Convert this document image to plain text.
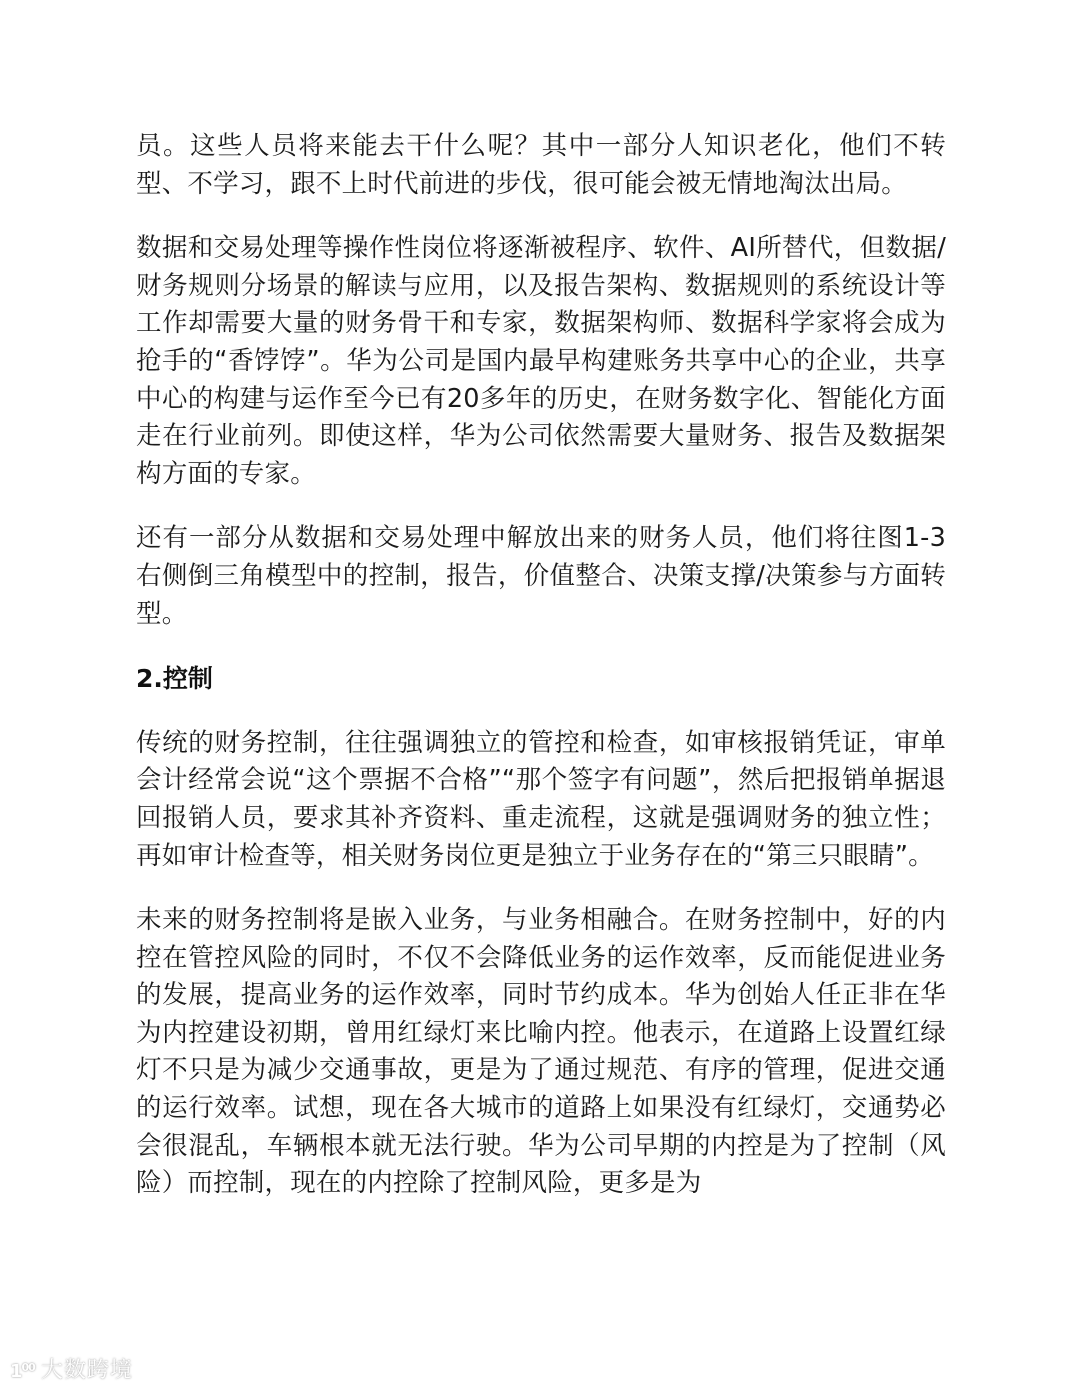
员。这些人员将来能去干什么呢？其中一部分人知识老化，他们不转型、不学习，跟不上时代前进的步伐，很可能会被无情地淘汰出局。

数据和交易处理等操作性岗位将逐渐被程序、软件、AI所替代，但数据/财务规则分场景的解读与应用，以及报告架构、数据规则的系统设计等工作却需要大量的财务骨干和专家，数据架构师、数据科学家将会成为抢手的“香饽饽”。华为公司是国内最早构建账务共享中心的企业，共享中心的构建与运作至今已有20多年的历史，在财务数字化、智能化方面走在行业前列。即使这样，华为公司依然需要大量财务、报告及数据架构方面的专家。

还有一部分从数据和交易处理中解放出来的财务人员，他们将往图1-3右侧倒三角模型中的控制，报告，价值整合、决策支撑/决策参与方面转型。

2.控制

传统的财务控制，往往强调独立的管控和检查，如审核报销凭证，审单会计经常会说“这个票据不合格”“那个签字有问题”，然后把报销单据退回报销人员，要求其补齐资料、重走流程，这就是强调财务的独立性；再如审计检查等，相关财务岗位更是独立于业务存在的“第三只眼睛”。

未来的财务控制将是嵌入业务，与业务相融合。在财务控制中，好的内控在管控风险的同时，不仅不会降低业务的运作效率，反而能促进业务的发展，提高业务的运作效率，同时节约成本。华为创始人任正非在华为内控建设初期，曾用红绿灯来比喻内控。他表示，在道路上设置红绿灯不只是为减少交通事故，更是为了通过规范、有序的管理，促进交通的运行效率。试想，现在各大城市的道路上如果没有红绿灯，交通势必会很混乱，车辆根本就无法行驶。华为公司早期的内控是为了控制（风险）而控制，现在的内控除了控制风险，更多是为

$1^{00}$ 大数跨境
